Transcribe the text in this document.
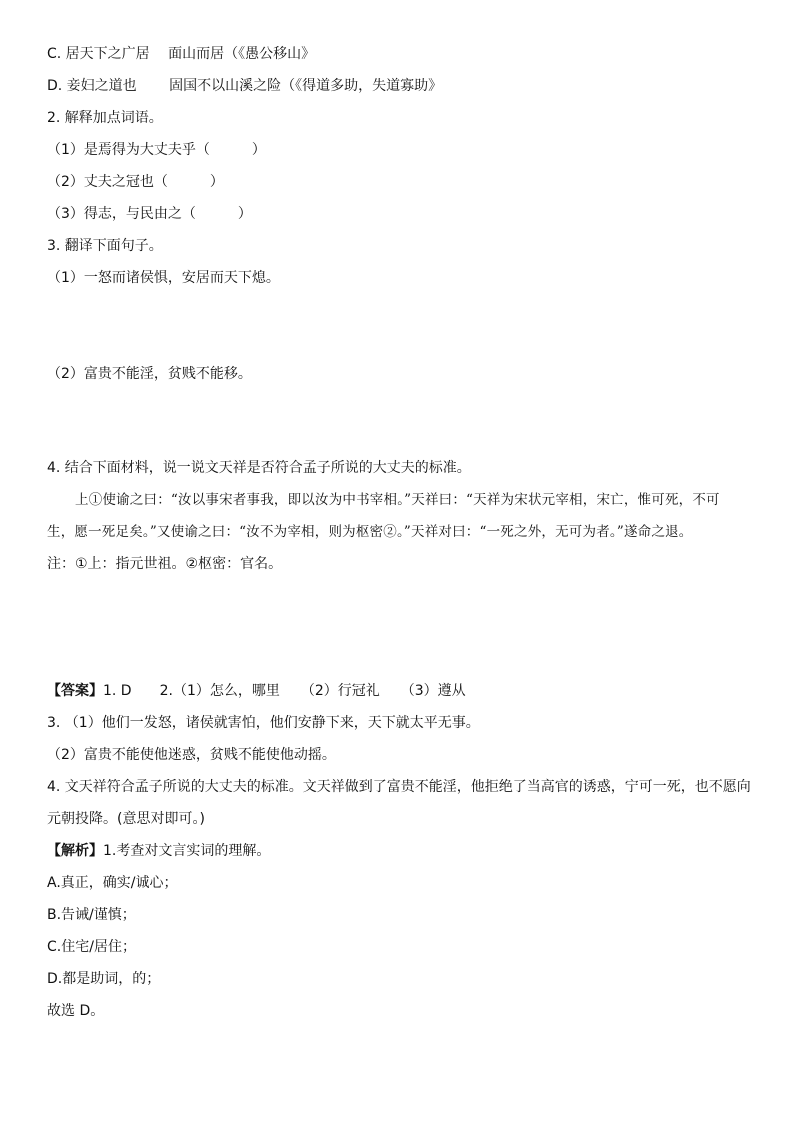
C. 居天下之广居　 面山而居（《愚公移山》
D. 妾妇之道也　　 固国不以山溪之险（《得道多助，失道寡助》
2. 解释加点词语。
（1）是焉得为大丈夫乎（　　　）
（2）丈夫之冠也（　　　）
（3）得志，与民由之（　　　）
3. 翻译下面句子。
（1）一怒而诸侯惧，安居而天下熄。
（2）富贵不能淫，贫贱不能移。
4. 结合下面材料，说一说文天祥是否符合孟子所说的大丈夫的标准。
上①使谕之曰：“汝以事宋者事我，即以汝为中书宰相。”天祥曰：“天祥为宋状元宰相，宋亡，惟可死，不可
生，愿一死足矣。”又使谕之曰：“汝不为宰相，则为枢密②。”天祥对曰：“一死之外，无可为者。”遂命之退。
注：①上：指元世祖。②枢密：官名。
【答案】1. D　　2.（1）怎么，哪里　　（2）行冠礼　　（3）遵从
3. （1）他们一发怒，诸侯就害怕，他们安静下来，天下就太平无事。
（2）富贵不能使他迷惑，贫贱不能使他动摇。
4. 文天祥符合孟子所说的大丈夫的标准。文天祥做到了富贵不能淫，他拒绝了当高官的诱惑，宁可一死，也不愿向
元朝投降。(意思对即可。)
【解析】1.考查对文言实词的理解。
A.真正，确实/诚心；
B.告诫/谨慎；
C.住宅/居住；
D.都是助词，的；
故选 D。
